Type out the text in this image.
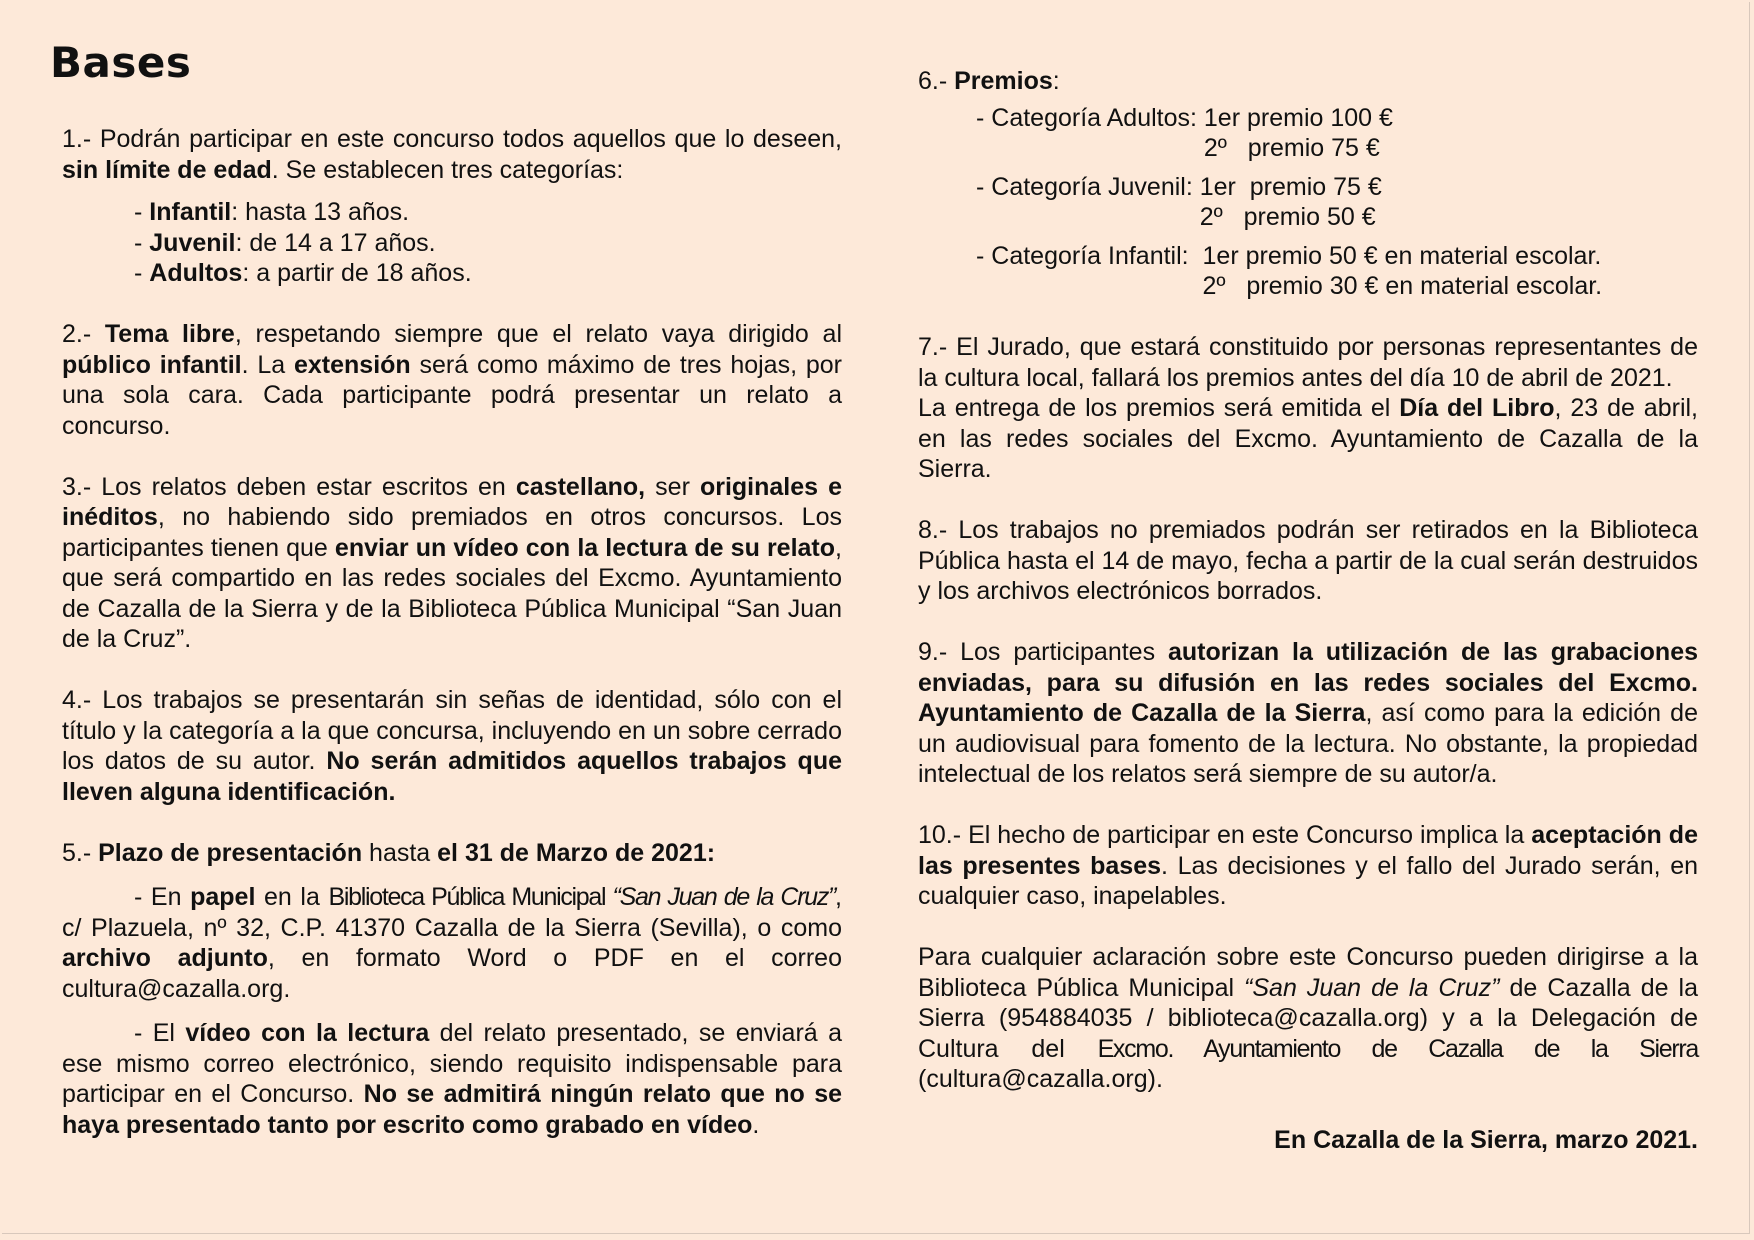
Bases

1.- Podrán participar en este concurso todos aquellos que lo deseen, sin límite de edad. Se establecen tres categorías:

- Infantil: hasta 13 años.
- Juvenil: de 14 a 17 años.
- Adultos: a partir de 18 años.

2.- Tema libre, respetando siempre que el relato vaya dirigido al público infantil. La extensión será como máximo de tres hojas, por una sola cara. Cada participante podrá presentar un relato a concurso.

3.- Los relatos deben estar escritos en castellano, ser originales e inéditos, no habiendo sido premiados en otros concursos. Los participantes tienen que enviar un vídeo con la lectura de su relato, que será compartido en las redes sociales del Excmo. Ayuntamiento de Cazalla de la Sierra y de la Biblioteca Pública Municipal “San Juan de la Cruz”.

4.- Los trabajos se presentarán sin señas de identidad, sólo con el título y la categoría a la que concursa, incluyendo en un sobre cerrado los datos de su autor. No serán admitidos aquellos trabajos que lleven alguna identificación.

5.- Plazo de presentación hasta el 31 de Marzo de 2021:

- En papel en la Biblioteca Pública Municipal “San Juan de la Cruz”, c/ Plazuela, nº 32, C.P. 41370 Cazalla de la Sierra (Sevilla), o como archivo adjunto, en formato Word o PDF en el correo cultura@cazalla.org.

- El vídeo con la lectura del relato presentado, se enviará a ese mismo correo electrónico, siendo requisito indispensable para participar en el Concurso. No se admitirá ningún relato que no se haya presentado tanto por escrito como grabado en vídeo.

6.- Premios:

- Categoría Adultos: 1er premio 100 €
2º   premio 75 €
- Categoría Juvenil: 1er  premio 75 €
2º   premio 50 €
- Categoría Infantil: 1er premio 50 € en material escolar.
2º   premio 30 € en material escolar.

7.- El Jurado, que estará constituido por personas representantes de la cultura local, fallará los premios antes del día 10 de abril de 2021.

La entrega de los premios será emitida el Día del Libro, 23 de abril, en las redes sociales del Excmo. Ayuntamiento de Cazalla de la Sierra.

8.- Los trabajos no premiados podrán ser retirados en la Biblioteca Pública hasta el 14 de mayo, fecha a partir de la cual serán destruidos y los archivos electrónicos borrados.

9.- Los participantes autorizan la utilización de las grabaciones enviadas, para su difusión en las redes sociales del Excmo. Ayuntamiento de Cazalla de la Sierra, así como para la edición de un audiovisual para fomento de la lectura. No obstante, la propiedad intelectual de los relatos será siempre de su autor/a.

10.- El hecho de participar en este Concurso implica la aceptación de las presentes bases. Las decisiones y el fallo del Jurado serán, en cualquier caso, inapelables.

Para cualquier aclaración sobre este Concurso pueden dirigirse a la Biblioteca Pública Municipal “San Juan de la Cruz” de Cazalla de la Sierra (954884035 / biblioteca@cazalla.org) y a la Delegación de Cultura del Excmo. Ayuntamiento de Cazalla de la Sierra (cultura@cazalla.org).

En Cazalla de la Sierra, marzo 2021.
